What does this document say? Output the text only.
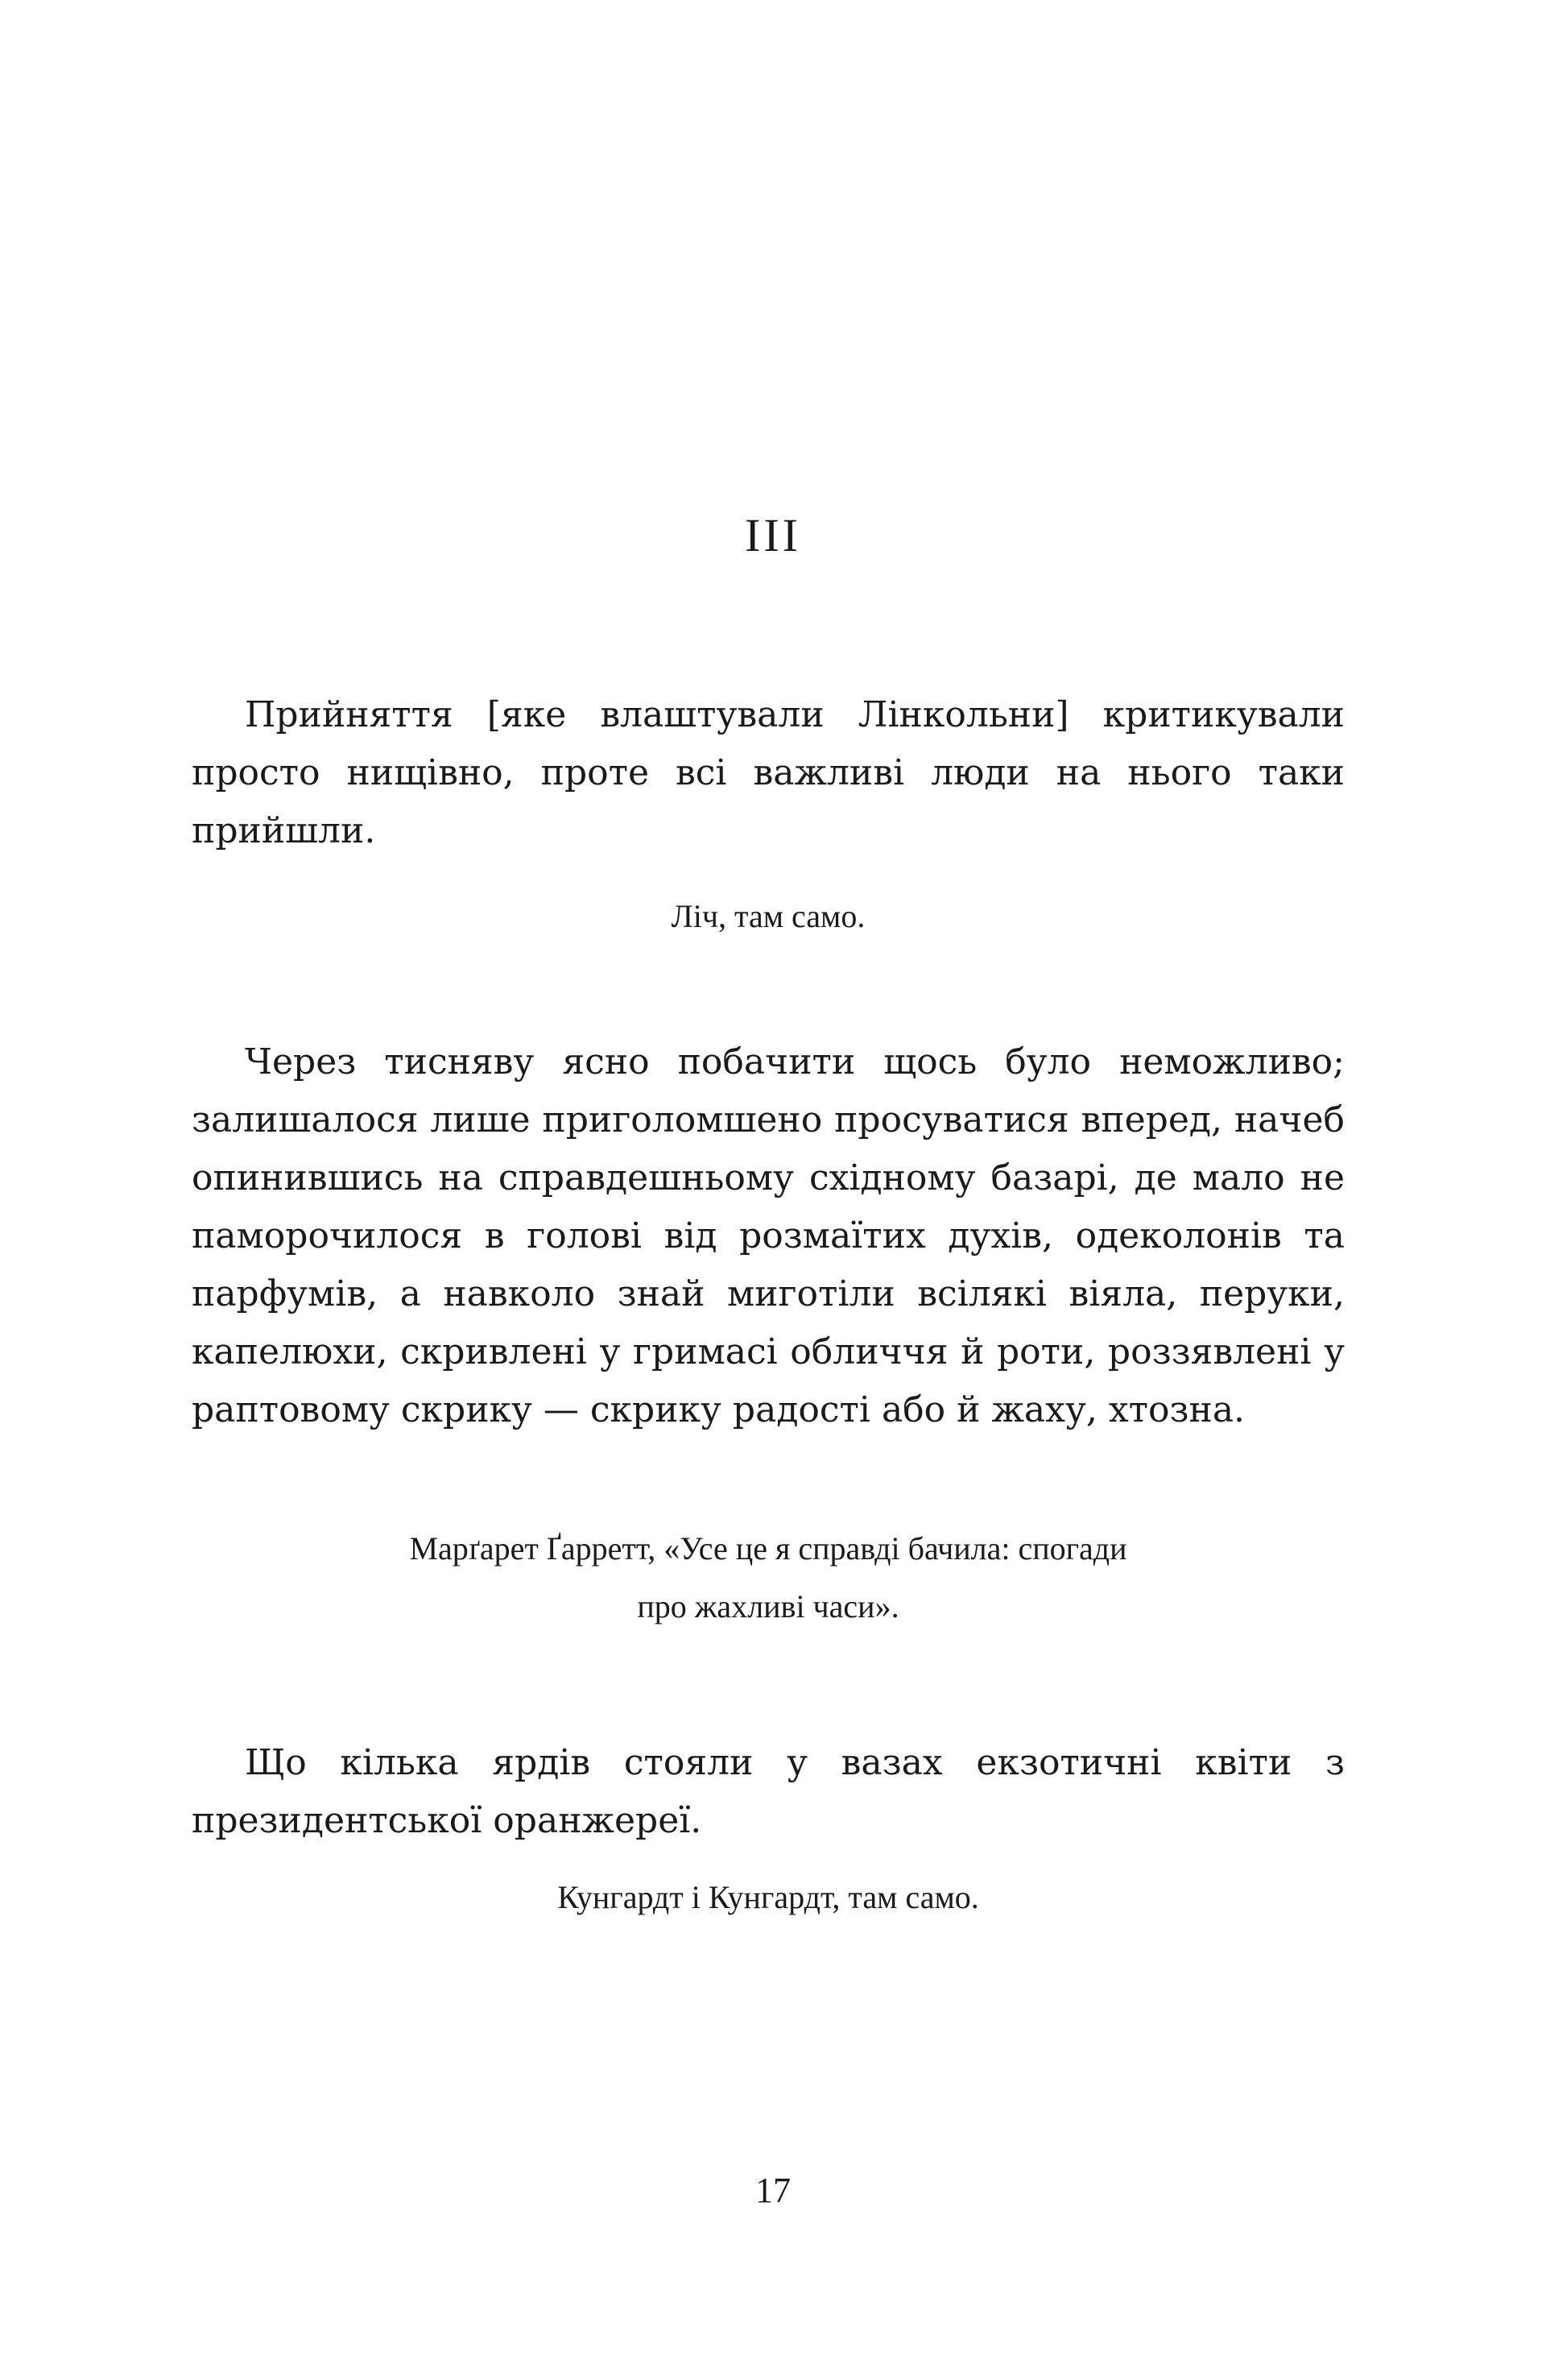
III

Прийняття [яке влаштували Лінкольни] критикували просто нищівно, проте всі важливі люди на нього таки прийшли.

Ліч, там само.

Через тисняву ясно побачити щось було неможливо; залишалося лише приголомшено просуватися вперед, начеб опинившись на справдешньому східному базарі, де мало не паморочилося в голові від розмаїтих духів, одеколонів та парфумів, а навколо знай миготіли всілякі віяла, перуки, капелюхи, скривлені у гримасі обличчя й роти, роззявлені у раптовому скрику — скрику радості або й жаху, хтозна.

Марґарет Ґарретт, «Усе це я справді бачила: спогади
про жахливі часи».

Що кілька ярдів стояли у вазах екзотичні квіти з президентської оранжереї.

Кунгардт і Кунгардт, там само.

17
